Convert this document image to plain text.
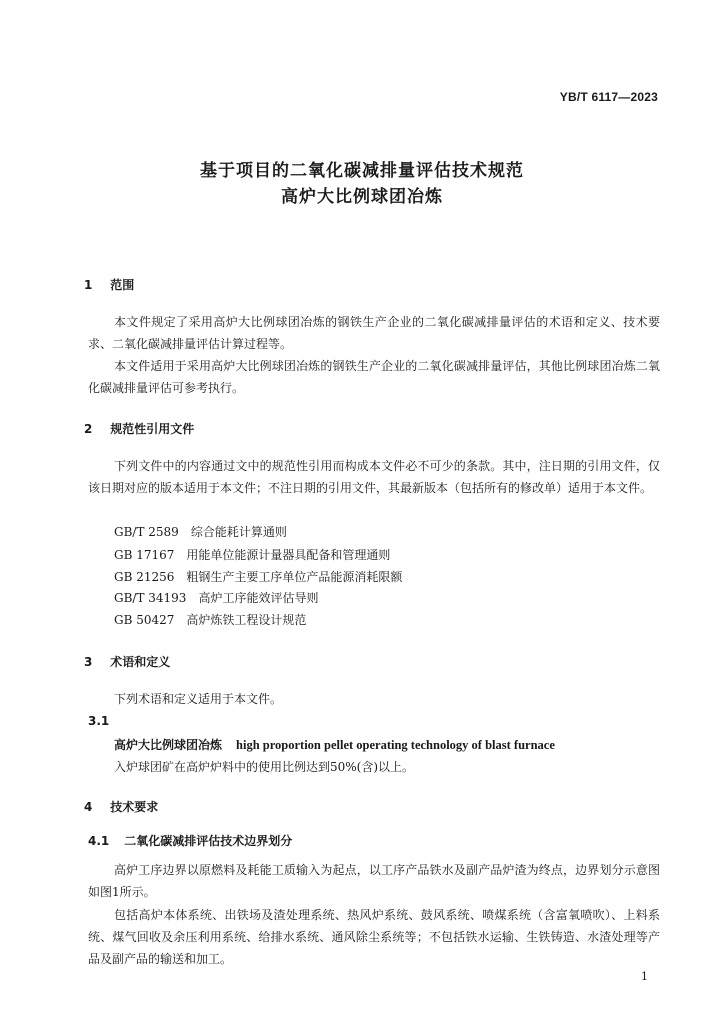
YB/T 6117—2023
基于项目的二氧化碳减排量评估技术规范
高炉大比例球团冶炼
1 范围
本文件规定了采用高炉大比例球团冶炼的钢铁生产企业的二氧化碳减排量评估的术语和定义、技术要求、二氧化碳减排量评估计算过程等。
本文件适用于采用高炉大比例球团冶炼的钢铁生产企业的二氧化碳减排量评估，其他比例球团冶炼二氧化碳减排量评估可参考执行。
2 规范性引用文件
下列文件中的内容通过文中的规范性引用而构成本文件必不可少的条款。其中，注日期的引用文件，仅该日期对应的版本适用于本文件；不注日期的引用文件，其最新版本（包括所有的修改单）适用于本文件。
GB/T 2589 综合能耗计算通则
GB 17167 用能单位能源计量器具配备和管理通则
GB 21256 粗钢生产主要工序单位产品能源消耗限额
GB/T 34193 高炉工序能效评估导则
GB 50427 高炉炼铁工程设计规范
3 术语和定义
下列术语和定义适用于本文件。
3.1
高炉大比例球团冶炼 high proportion pellet operating technology of blast furnace
入炉球团矿在高炉炉料中的使用比例达到50%(含)以上。
4 技术要求
4.1 二氧化碳减排评估技术边界划分
高炉工序边界以原燃料及耗能工质输入为起点，以工序产品铁水及副产品炉渣为终点，边界划分示意图如图1所示。
包括高炉本体系统、出铁场及渣处理系统、热风炉系统、鼓风系统、喷煤系统（含富氧喷吹）、上料系统、煤气回收及余压利用系统、给排水系统、通风除尘系统等；不包括铁水运输、生铁铸造、水渣处理等产品及副产品的输送和加工。
1
